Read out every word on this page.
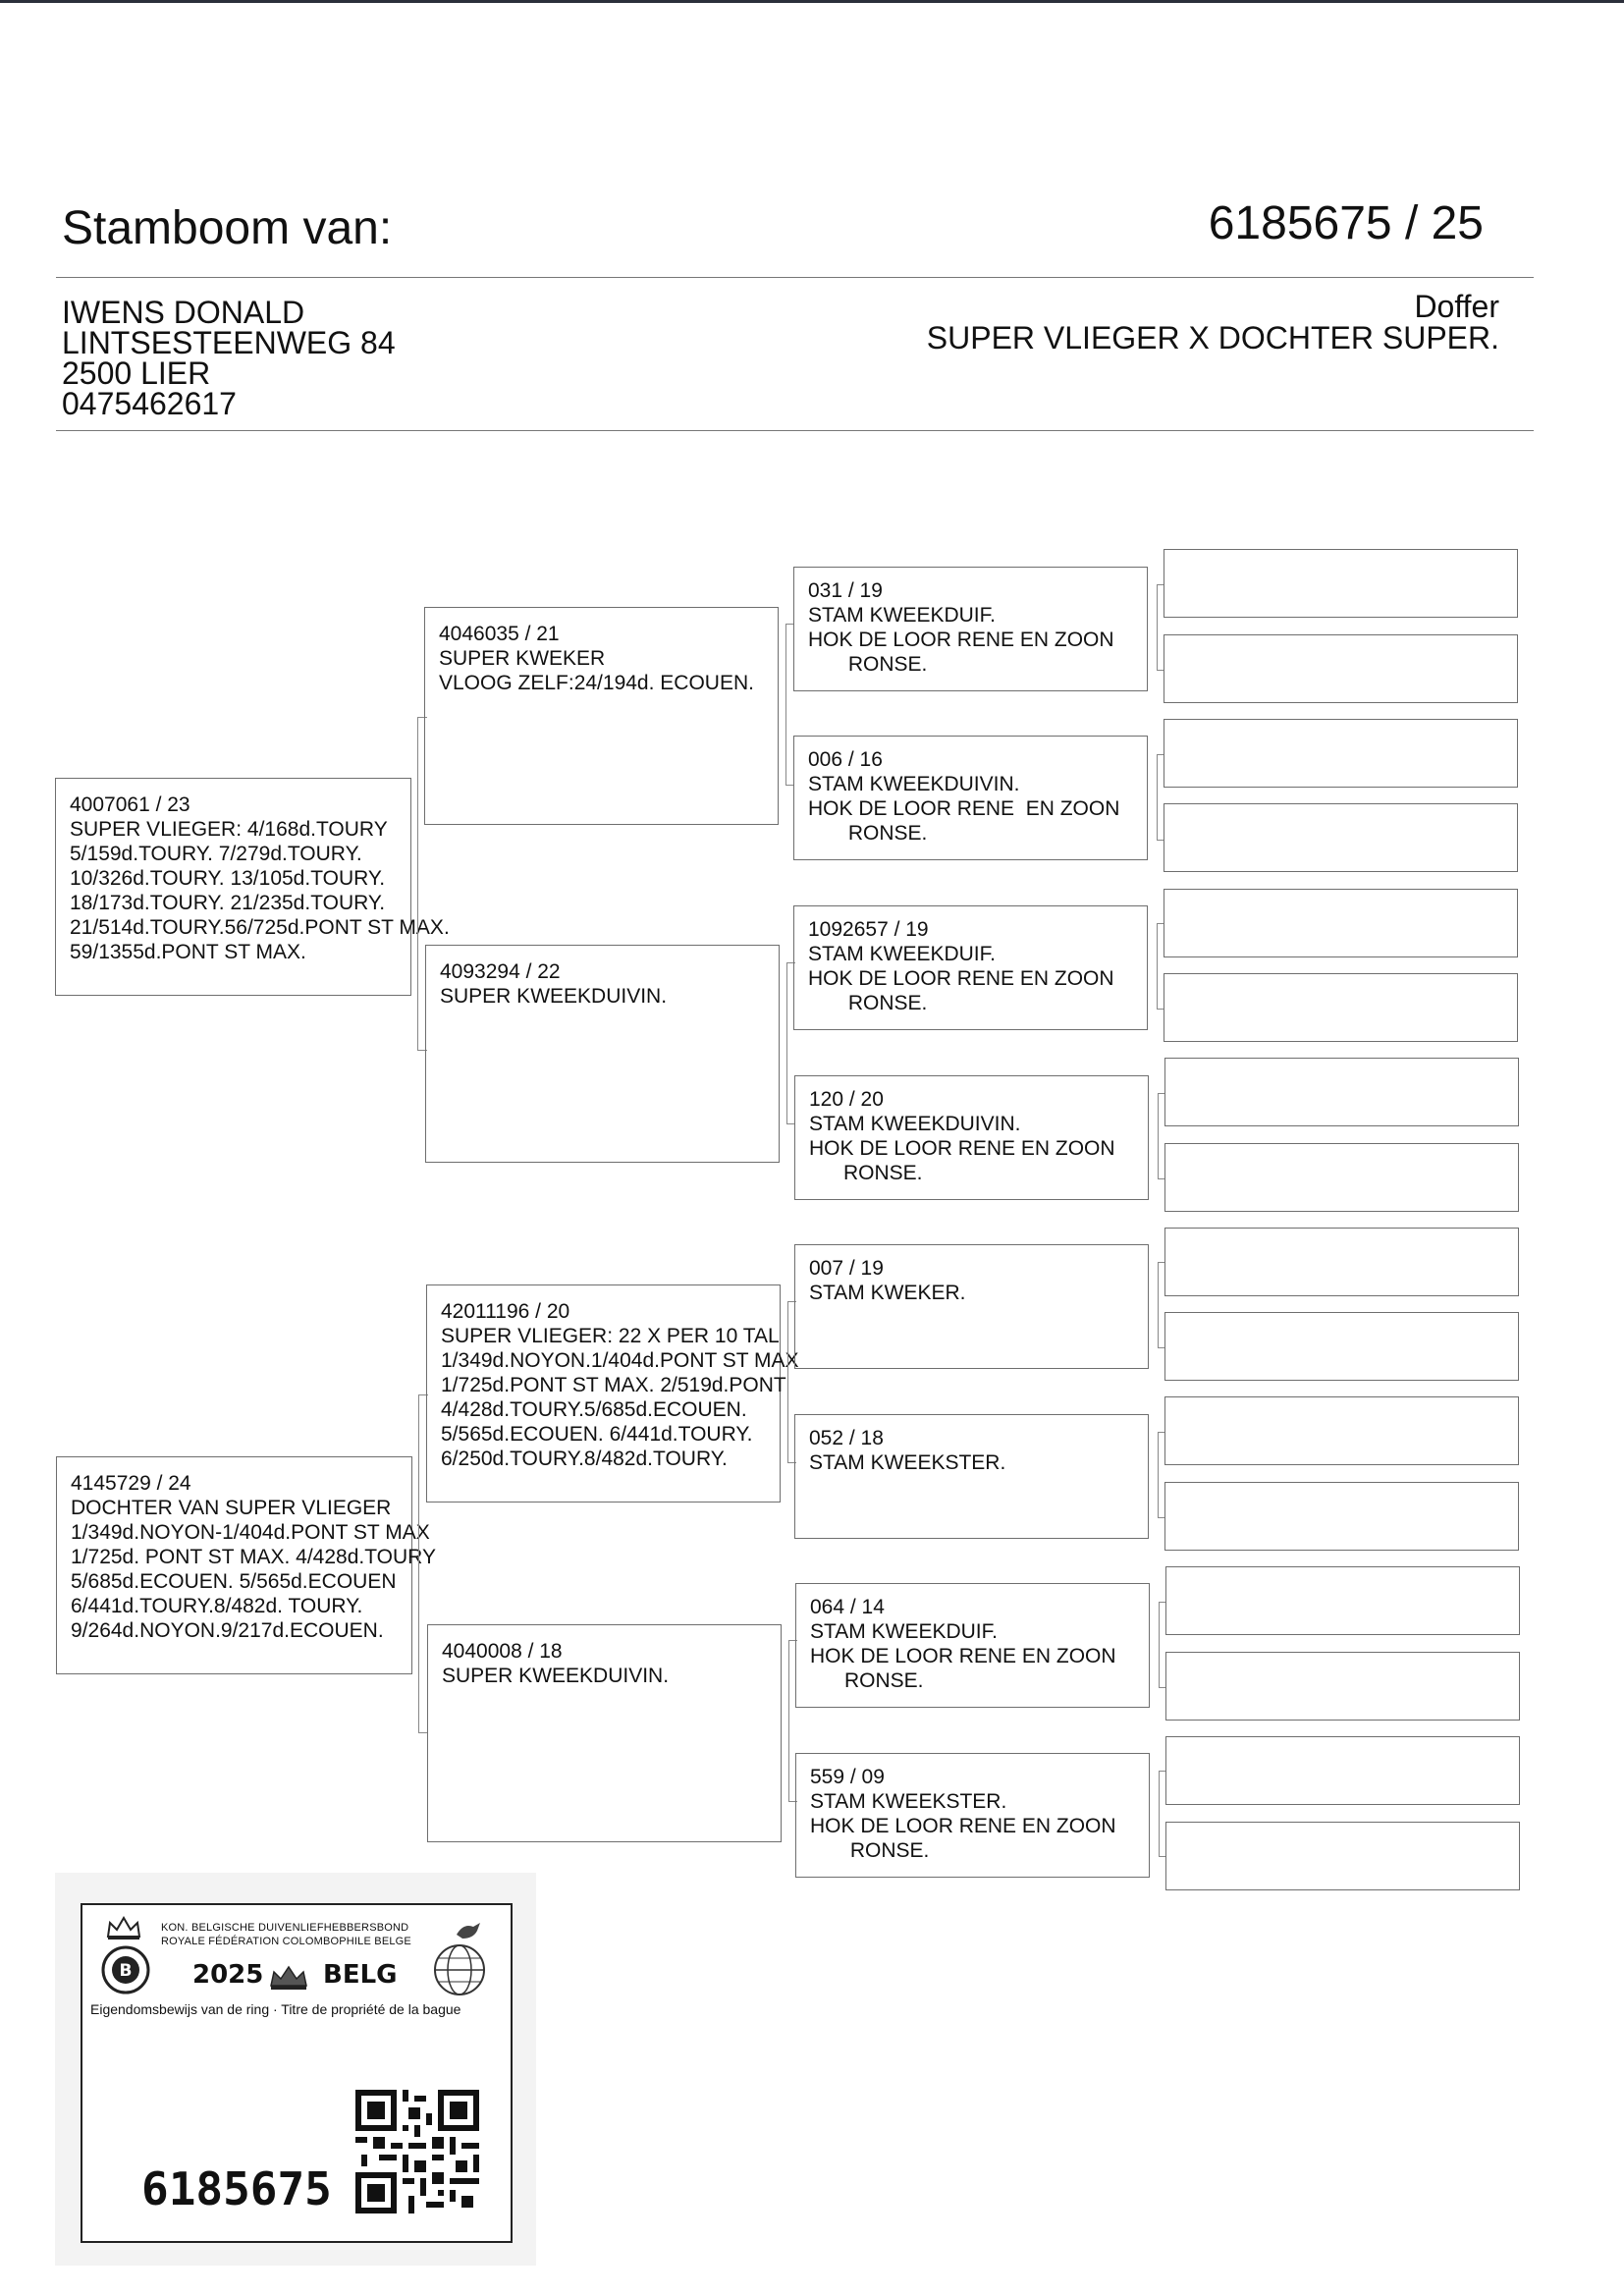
Stamboom van:	6185675 / 25
IWENS DONALD
LINTSESTEENWEG 84
2500 LIER
0475462617
Doffer
SUPER VLIEGER X DOCHTER SUPER.
4007061 / 23
SUPER VLIEGER: 4/168d.TOURY
5/159d.TOURY. 7/279d.TOURY.
10/326d.TOURY. 13/105d.TOURY.
18/173d.TOURY. 21/235d.TOURY.
21/514d.TOURY.56/725d.PONT ST MAX.
59/1355d.PONT ST MAX.
4145729 / 24
DOCHTER VAN SUPER VLIEGER
1/349d.NOYON-1/404d.PONT ST MAX
1/725d. PONT ST MAX. 4/428d.TOURY
5/685d.ECOUEN. 5/565d.ECOUEN
6/441d.TOURY.8/482d. TOURY.
9/264d.NOYON.9/217d.ECOUEN.
4046035 / 21
SUPER KWEKER
VLOOG ZELF:24/194d. ECOUEN.
4093294 / 22
SUPER KWEEKDUIVIN.
42011196 / 20
SUPER VLIEGER: 22 X PER 10 TAL
1/349d.NOYON.1/404d.PONT ST MAX
1/725d.PONT ST MAX. 2/519d.PONT
4/428d.TOURY.5/685d.ECOUEN.
5/565d.ECOUEN. 6/441d.TOURY.
6/250d.TOURY.8/482d.TOURY.
4040008 / 18
SUPER KWEEKDUIVIN.
031 / 19
STAM KWEEKDUIF.
HOK DE LOOR RENE EN ZOON
RONSE.
006 / 16
STAM KWEEKDUIVIN.
HOK DE LOOR RENE  EN ZOON
RONSE.
1092657 / 19
STAM KWEEKDUIF.
HOK DE LOOR RENE EN ZOON
RONSE.
120 / 20
STAM KWEEKDUIVIN.
HOK DE LOOR RENE EN ZOON
RONSE.
007 / 19
STAM KWEKER.
052 / 18
STAM KWEEKSTER.
064 / 14
STAM KWEEKDUIF.
HOK DE LOOR RENE EN ZOON
RONSE.
559 / 09
STAM KWEEKSTER.
HOK DE LOOR RENE EN ZOON
RONSE.
B
KON. BELGISCHE DUIVENLIEFHEBBERSBOND
ROYALE FÉDÉRATION COLOMBOPHILE BELGE
2025 BELG
Eigendomsbewijs van de ring · Titre de propriété de la bague
6185675
